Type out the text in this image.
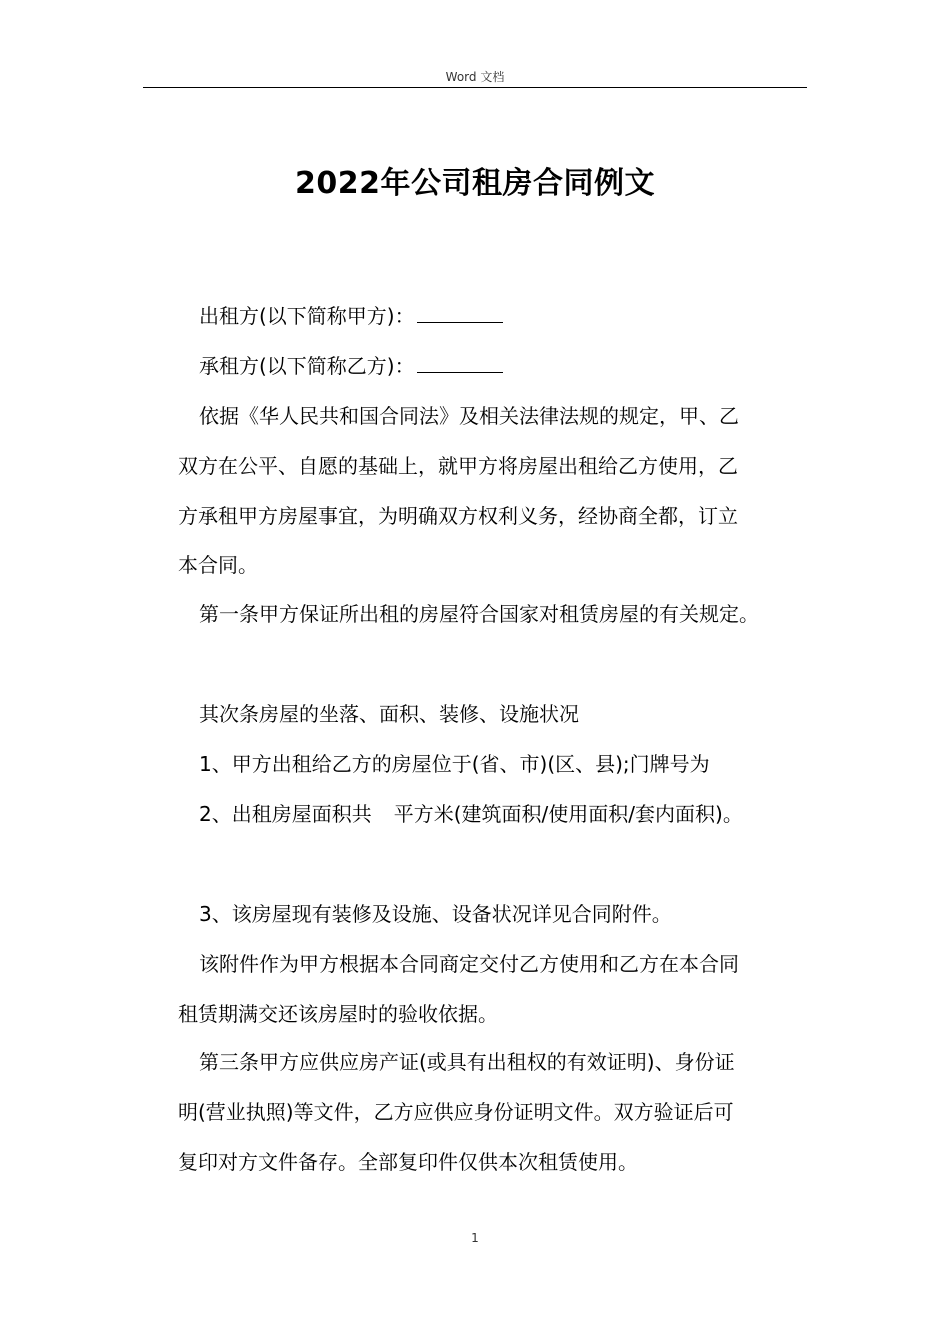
Word 文档
2022年公司租房合同例文
出租方(以下简称甲方)：
承租方(以下简称乙方)：
依据《华人民共和国合同法》及相关法律法规的规定，甲、乙
双方在公平、自愿的基础上，就甲方将房屋出租给乙方使用，乙
方承租甲方房屋事宜，为明确双方权利义务，经协商全都，订立
本合同。
第一条甲方保证所出租的房屋符合国家对租赁房屋的有关规定。
其次条房屋的坐落、面积、装修、设施状况
1、甲方出租给乙方的房屋位于(省、市)(区、县);门牌号为
2、出租房屋面积共 平方米(建筑面积/使用面积/套内面积)。
3、该房屋现有装修及设施、设备状况详见合同附件。
该附件作为甲方根据本合同商定交付乙方使用和乙方在本合同
租赁期满交还该房屋时的验收依据。
第三条甲方应供应房产证(或具有出租权的有效证明)、身份证
明(营业执照)等文件，乙方应供应身份证明文件。双方验证后可
复印对方文件备存。全部复印件仅供本次租赁使用。
1
